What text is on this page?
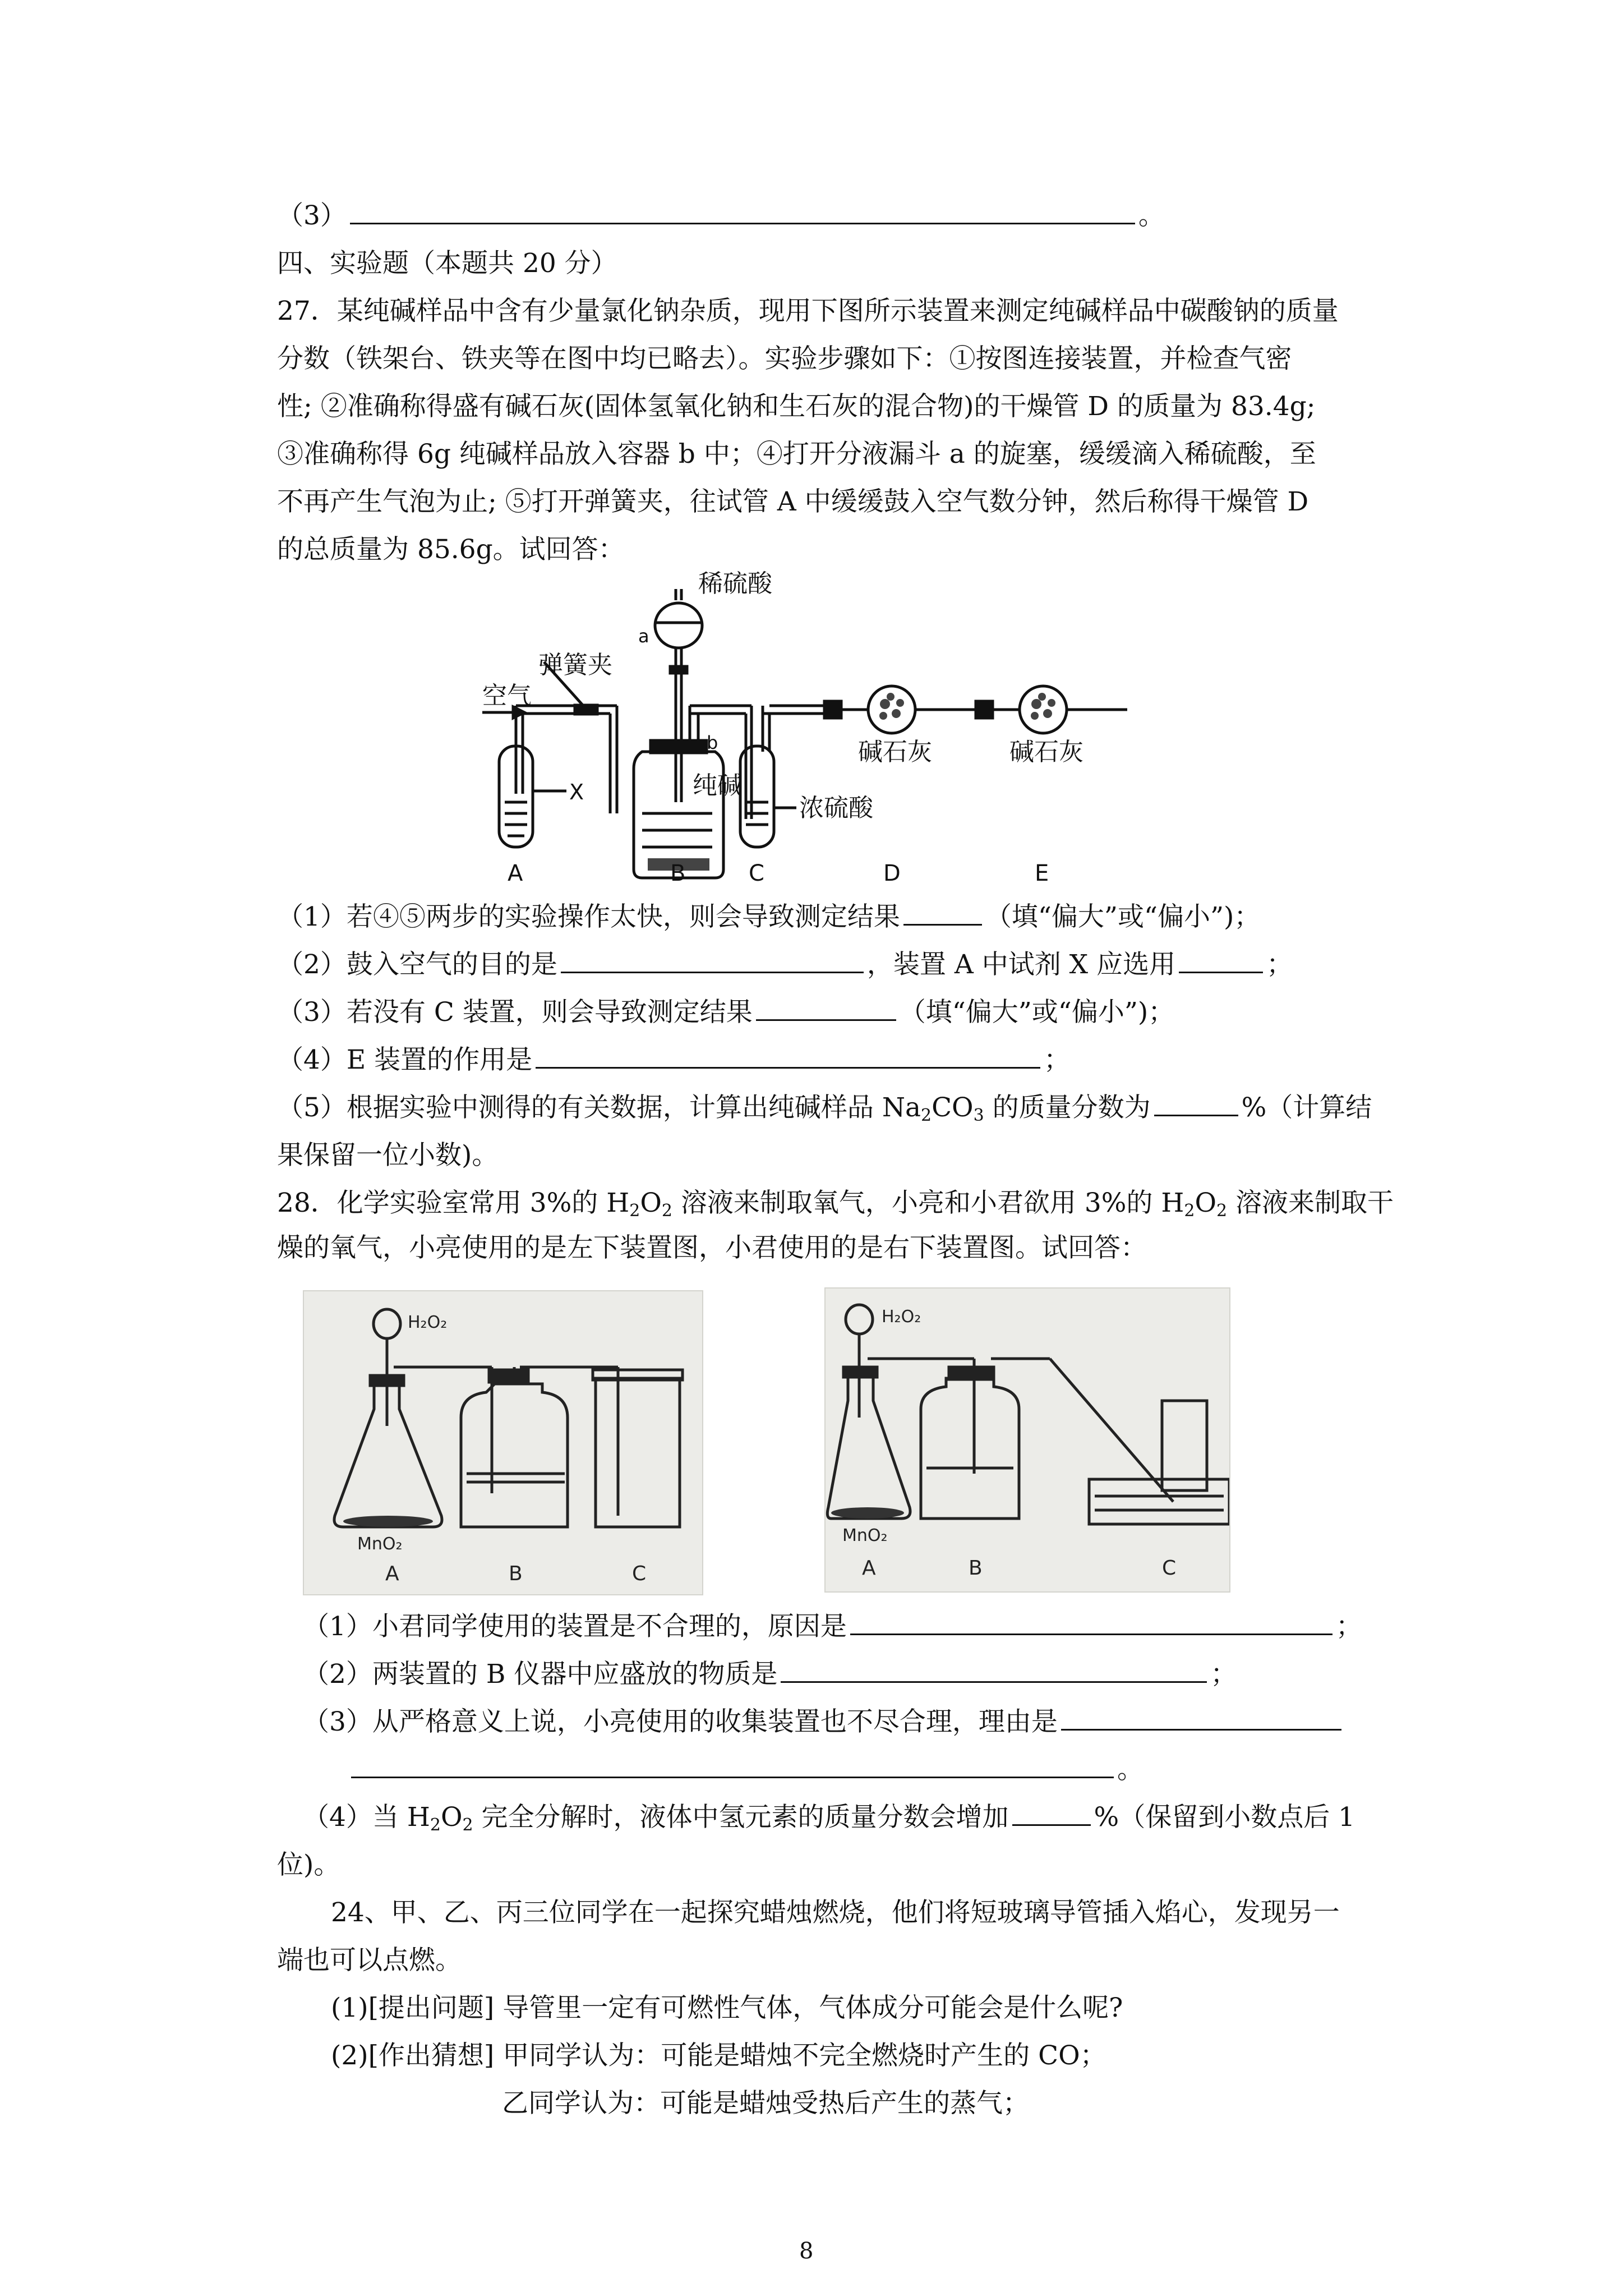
（3）	。
四、实验题（本题共 20 分）
27．某纯碱样品中含有少量氯化钠杂质，现用下图所示装置来测定纯碱样品中碳酸钠的质量
分数（铁架台、铁夹等在图中均已略去）。实验步骤如下：①按图连接装置，并检查气密
性; ②准确称得盛有碱石灰(固体氢氧化钠和生石灰的混合物)的干燥管 D 的质量为 83.4g;
③准确称得 6g 纯碱样品放入容器 b 中；④打开分液漏斗 a 的旋塞，缓缓滴入稀硫酸，至
不再产生气泡为止; ⑤打开弹簧夹，往试管 A 中缓缓鼓入空气数分钟，然后称得干燥管 D
的总质量为 85.6g。试回答：
稀硫酸
a
弹簧夹
空气
b
纯碱
X
浓硫酸
碱石灰	碱石灰
A	B	C	D	E
（1）若④⑤两步的实验操作太快，则会导致测定结果	（填“偏大”或“偏小”)；
（2）鼓入空气的目的是	，装置 A 中试剂 X 应选用	；
（3）若没有 C 装置，则会导致测定结果	（填“偏大”或“偏小”)；
（4）E 装置的作用是	；
（5）根据实验中测得的有关数据，计算出纯碱样品 $Na_2CO_3$ 的质量分数为	%（计算结
果保留一位小数)。
28．化学实验室常用 3%的 $H_2O_2$ 溶液来制取氧气，小亮和小君欲用 3%的 $H_2O_2$ 溶液来制取干
燥的氧气，小亮使用的是左下装置图，小君使用的是右下装置图。试回答：
H₂O₂
MnO₂
A	B	C
H₂O₂
MnO₂
A	B	C
（1）小君同学使用的装置是不合理的，原因是	；
（2）两装置的 B 仪器中应盛放的物质是	；
（3）从严格意义上说，小亮使用的收集装置也不尽合理，理由是
。
（4）当 $H_2O_2$ 完全分解时，液体中氢元素的质量分数会增加	%（保留到小数点后 1
位)。
24、甲、乙、丙三位同学在一起探究蜡烛燃烧，他们将短玻璃导管插入焰心，发现另一
端也可以点燃。
(1)[提出问题] 导管里一定有可燃性气体，气体成分可能会是什么呢?
(2)[作出猜想] 甲同学认为：可能是蜡烛不完全燃烧时产生的 CO；
乙同学认为：可能是蜡烛受热后产生的蒸气；
8
